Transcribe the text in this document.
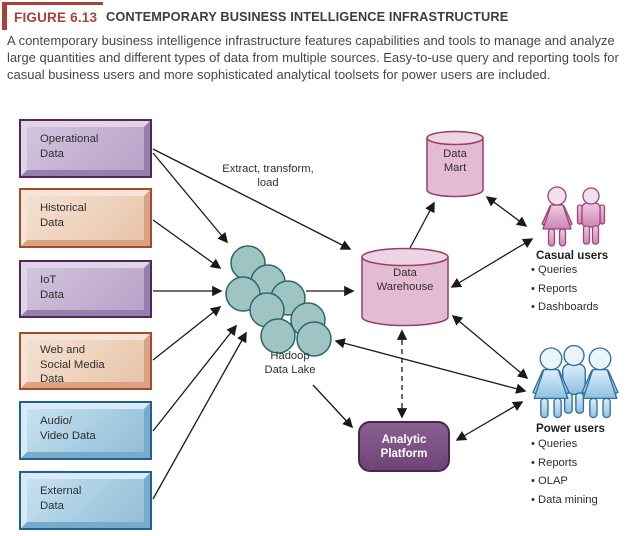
FIGURE 6.13 CONTEMPORARY BUSINESS INTELLIGENCE INFRASTRUCTURE

A contemporary business intelligence infrastructure features capabilities and tools to manage and analyze large quantities and different types of data from multiple sources. Easy-to-use query and reporting tools for casual business users and more sophisticated analytical toolsets for power users are included.

Operational
Data
Historical
Data
IoT
Data
Web and
Social Media
Data
Audio/
Video Data
External
Data
Extract, transform,
load
Hadoop
Data Lake
Data
Warehouse
Data
Mart
Analytic
Platform
Casual users
• Queries
• Reports
• Dashboards
Power users
• Queries
• Reports
• OLAP
• Data mining
